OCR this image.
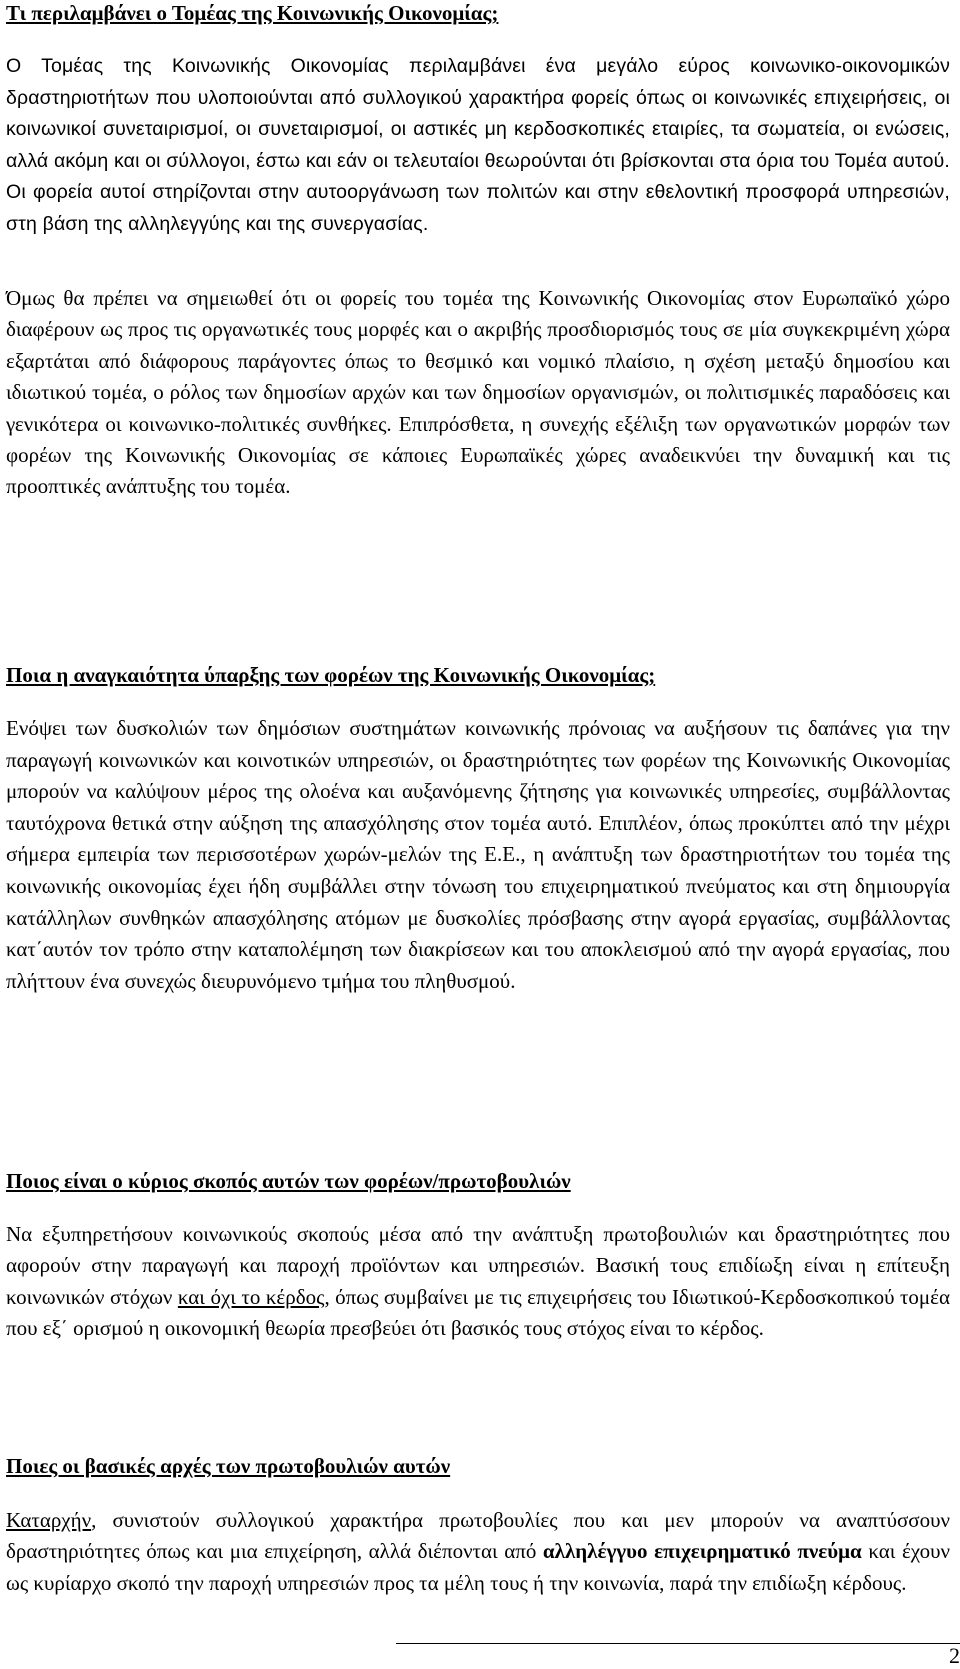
Τι περιλαμβάνει ο Τομέας της Κοινωνικής Οικονομίας;

Ο Τομέας της Κοινωνικής Οικονομίας περιλαμβάνει ένα μεγάλο εύρος κοινωνικο-οικονομικών δραστηριοτήτων που υλοποιούνται από συλλογικού χαρακτήρα φορείς όπως οι κοινωνικές επιχειρήσεις, οι κοινωνικοί συνεταιρισμοί, οι συνεταιρισμοί, οι αστικές μη κερδοσκοπικές εταιρίες, τα σωματεία, οι ενώσεις, αλλά ακόμη και οι σύλλογοι, έστω και εάν οι τελευταίοι θεωρούνται ότι βρίσκονται στα όρια του Τομέα αυτού. Οι φορεία αυτοί στηρίζονται στην αυτοοργάνωση των πολιτών και στην εθελοντική προσφορά υπηρεσιών, στη βάση της αλληλεγγύης και της συνεργασίας.

Όμως θα πρέπει να σημειωθεί ότι οι φορείς του τομέα της Κοινωνικής Οικονομίας στον Ευρωπαϊκό χώρο διαφέρουν ως προς τις οργανωτικές τους μορφές και ο ακριβής προσδιορισμός τους σε μία συγκεκριμένη χώρα εξαρτάται από διάφορους παράγοντες όπως το θεσμικό και νομικό πλαίσιο, η σχέση μεταξύ δημοσίου και ιδιωτικού τομέα, ο ρόλος των δημοσίων αρχών και των δημοσίων οργανισμών, οι πολιτισμικές παραδόσεις και γενικότερα οι κοινωνικο-πολιτικές συνθήκες. Επιπρόσθετα, η συνεχής εξέλιξη των οργανωτικών μορφών των φορέων της Κοινωνικής Οικονομίας σε κάποιες Ευρωπαϊκές χώρες αναδεικνύει την δυναμική και τις προοπτικές ανάπτυξης του τομέα.

Ποια η αναγκαιότητα ύπαρξης των φορέων της Κοινωνικής Οικονομίας;

Ενόψει των δυσκολιών των δημόσιων συστημάτων κοινωνικής πρόνοιας να αυξήσουν τις δαπάνες για την παραγωγή κοινωνικών και κοινοτικών υπηρεσιών, οι δραστηριότητες των φορέων της Κοινωνικής Οικονομίας μπορούν να καλύψουν μέρος της ολοένα και αυξανόμενης ζήτησης για κοινωνικές υπηρεσίες, συμβάλλοντας ταυτόχρονα θετικά στην αύξηση της απασχόλησης στον τομέα αυτό. Επιπλέον, όπως προκύπτει από την μέχρι σήμερα εμπειρία των περισσοτέρων χωρών-μελών της Ε.Ε., η ανάπτυξη των δραστηριοτήτων του τομέα της κοινωνικής οικονομίας έχει ήδη συμβάλλει στην τόνωση του επιχειρηματικού πνεύματος και στη δημιουργία κατάλληλων συνθηκών απασχόλησης ατόμων με δυσκολίες πρόσβασης στην αγορά εργασίας, συμβάλλοντας κατ΄αυτόν τον τρόπο στην καταπολέμηση των διακρίσεων και του αποκλεισμού από την αγορά εργασίας, που πλήττουν ένα συνεχώς διευρυνόμενο τμήμα του πληθυσμού.

Ποιος είναι ο κύριος σκοπός αυτών των φορέων/πρωτοβουλιών

Να εξυπηρετήσουν κοινωνικούς σκοπούς μέσα από την ανάπτυξη πρωτοβουλιών και δραστηριότητες που αφορούν στην παραγωγή και παροχή προϊόντων και υπηρεσιών. Βασική τους επιδίωξη είναι η επίτευξη κοινωνικών στόχων και όχι το κέρδος, όπως συμβαίνει με τις επιχειρήσεις του Ιδιωτικού-Κερδοσκοπικού τομέα που εξ΄ ορισμού η οικονομική θεωρία πρεσβεύει ότι βασικός τους στόχος είναι το κέρδος.

Ποιες οι βασικές αρχές των πρωτοβουλιών αυτών

Καταρχήν, συνιστούν συλλογικού χαρακτήρα πρωτοβουλίες που και μεν μπορούν να αναπτύσσουν δραστηριότητες όπως και μια επιχείρηση, αλλά διέπονται από αλληλέγγυο επιχειρηματικό πνεύμα και έχουν ως κυρίαρχο σκοπό την παροχή υπηρεσιών προς τα μέλη τους ή την κοινωνία, παρά την επιδίωξη κέρδους.

2
